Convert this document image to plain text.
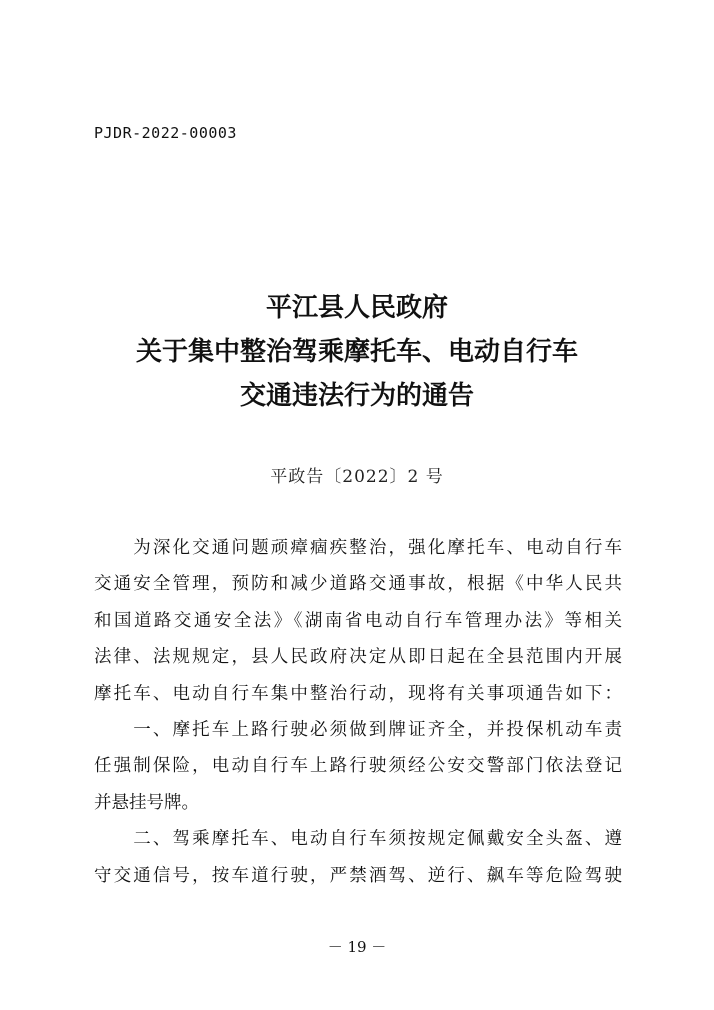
PJDR-2022-00003
平江县人民政府
关于集中整治驾乘摩托车、电动自行车
交通违法行为的通告
平政告〔2022〕2 号
　　为深化交通问题顽瘴痼疾整治，强化摩托车、电动自行车
交通安全管理，预防和减少道路交通事故，根据《中华人民共
和国道路交通安全法》《湖南省电动自行车管理办法》等相关
法律、法规规定，县人民政府决定从即日起在全县范围内开展
摩托车、电动自行车集中整治行动，现将有关事项通告如下：
　　一、摩托车上路行驶必须做到牌证齐全，并投保机动车责
任强制保险，电动自行车上路行驶须经公安交警部门依法登记
并悬挂号牌。
　　二、驾乘摩托车、电动自行车须按规定佩戴安全头盔、遵
守交通信号，按车道行驶，严禁酒驾、逆行、飙车等危险驾驶
－ 19 －
